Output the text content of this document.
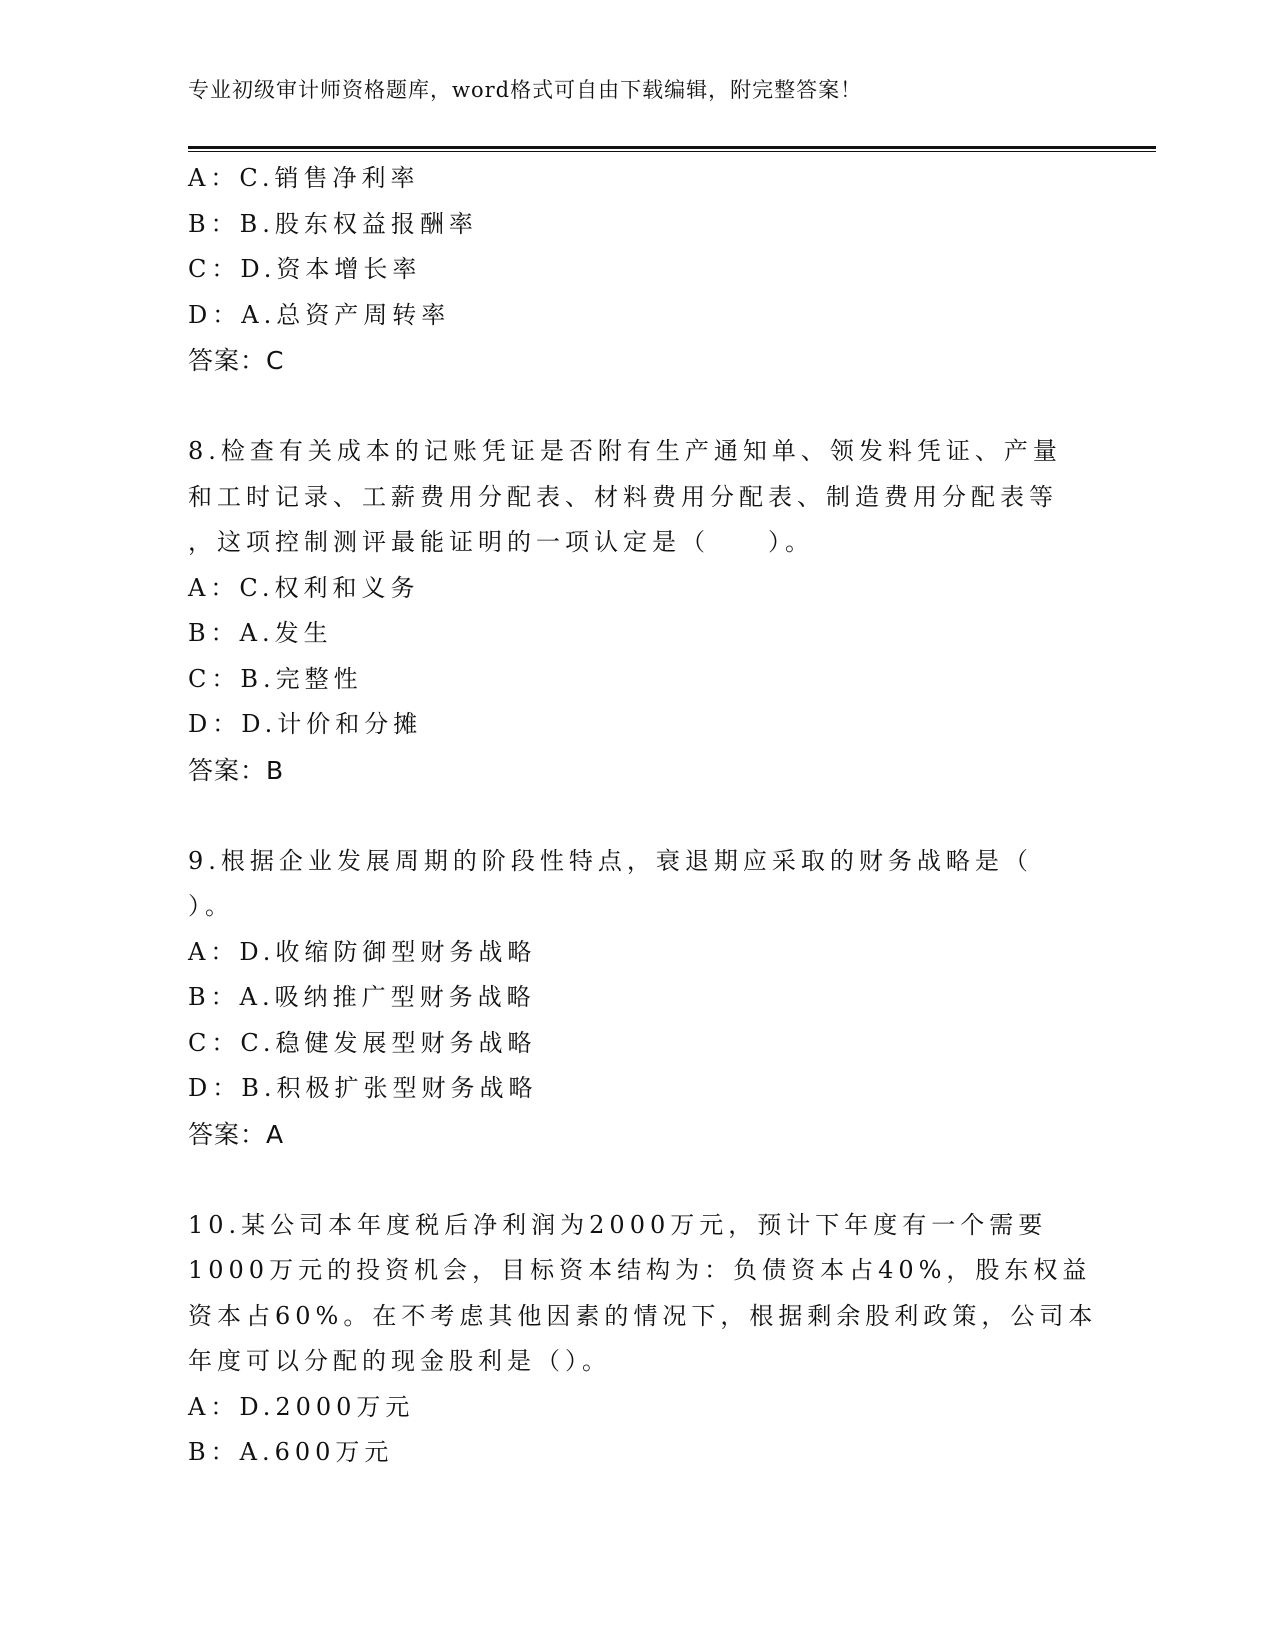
专业初级审计师资格题库，word格式可自由下载编辑，附完整答案！
A：C.销售净利率
B：B.股东权益报酬率
C：D.资本增长率
D：A.总资产周转率
答案：C
8.检查有关成本的记账凭证是否附有生产通知单、领发料凭证、产量
和工时记录、工薪费用分配表、材料费用分配表、制造费用分配表等
，这项控制测评最能证明的一项认定是（　　）。
A：C.权利和义务
B：A.发生
C：B.完整性
D：D.计价和分摊
答案：B
9.根据企业发展周期的阶段性特点，衰退期应采取的财务战略是（
）。
A：D.收缩防御型财务战略
B：A.吸纳推广型财务战略
C：C.稳健发展型财务战略
D：B.积极扩张型财务战略
答案：A
10.某公司本年度税后净利润为2000万元，预计下年度有一个需要
1000万元的投资机会，目标资本结构为：负债资本占40%，股东权益
资本占60%。在不考虑其他因素的情况下，根据剩余股利政策，公司本
年度可以分配的现金股利是（）。
A：D.2000万元
B：A.600万元
